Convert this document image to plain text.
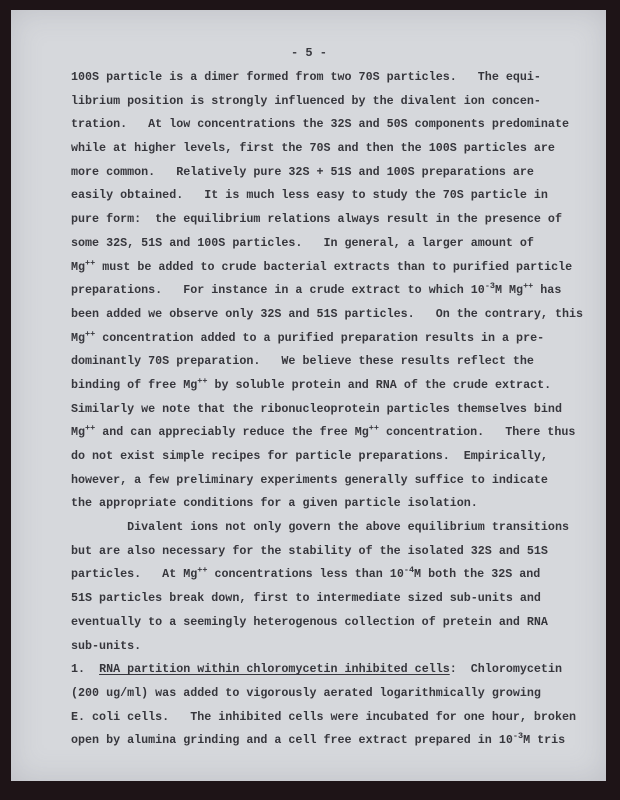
- 5 -
100S particle is a dimer formed from two 70S particles.   The equi-
librium position is strongly influenced by the divalent ion concen-
tration.   At low concentrations the 32S and 50S components predominate
while at higher levels, first the 70S and then the 100S particles are
more common.   Relatively pure 32S + 51S and 100S preparations are
easily obtained.   It is much less easy to study the 70S particle in
pure form:  the equilibrium relations always result in the presence of
some 32S, 51S and 100S particles.   In general, a larger amount of
Mg++ must be added to crude bacterial extracts than to purified particle
preparations.   For instance in a crude extract to which $10^{-3}M$ Mg++ has
been added we observe only 32S and 51S particles.   On the contrary, this
Mg++ concentration added to a purified preparation results in a pre-
dominantly 70S preparation.   We believe these results reflect the
binding of free Mg++ by soluble protein and RNA of the crude extract.
Similarly we note that the ribonucleoprotein particles themselves bind
Mg++ and can appreciably reduce the free Mg++ concentration.   There thus
do not exist simple recipes for particle preparations.  Empirically,
however, a few preliminary experiments generally suffice to indicate
the appropriate conditions for a given particle isolation.
Divalent ions not only govern the above equilibrium transitions
but are also necessary for the stability of the isolated 32S and 51S
particles.   At Mg++ concentrations less than $10^{-4}M$ both the 32S and
51S particles break down, first to intermediate sized sub-units and
eventually to a seemingly heterogenous collection of pretein and RNA
sub-units.
1.  RNA partition within chloromycetin inhibited cells:  Chloromycetin
(200 ug/ml) was added to vigorously aerated logarithmically growing
E. coli cells.   The inhibited cells were incubated for one hour, broken
open by alumina grinding and a cell free extract prepared in $10^{-3}M$ tris
